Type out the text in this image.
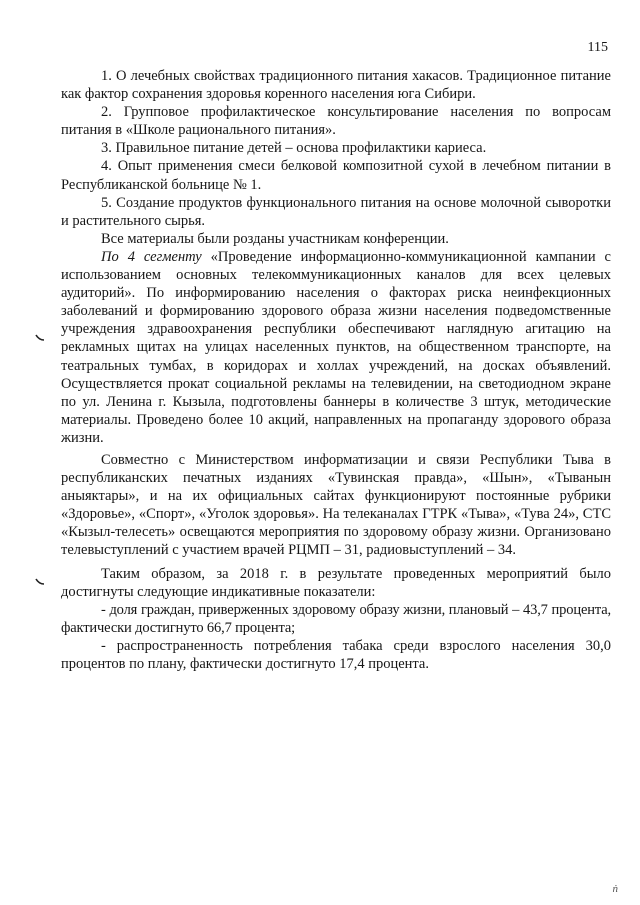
115

1. О лечебных свойствах традиционного питания хакасов. Традиционное питание как фактор сохранения здоровья коренного населения юга Сибири.

2. Групповое профилактическое консультирование населения по вопросам питания в «Школе рационального питания».

3. Правильное питание детей – основа профилактики кариеса.

4. Опыт применения смеси белковой композитной сухой в лечебном питании в Республиканской больнице № 1.

5. Создание продуктов функционального питания на основе молочной сыворотки и растительного сырья.

Все материалы были розданы участникам конференции.

По 4 сегменту «Проведение информационно-коммуникационной кампании с использованием основных телекоммуникационных каналов для всех целевых аудиторий». По информированию населения о факторах риска неинфекционных заболеваний и формированию здорового образа жизни населения подведомственные учреждения здравоохранения республики обеспечивают наглядную агитацию на рекламных щитах на улицах населенных пунктов, на общественном транспорте, на театральных тумбах, в коридорах и холлах учреждений, на досках объявлений. Осуществляется прокат социальной рекламы на телевидении, на светодиодном экране по ул. Ленина г. Кызыла, подготовлены баннеры в количестве 3 штук, методические материалы. Проведено более 10 акций, направленных на пропаганду здорового образа жизни.

Совместно с Министерством информатизации и связи Республики Тыва в республиканских печатных изданиях «Тувинская правда», «Шын», «Тыванын аныяктары», и на их официальных сайтах функционируют постоянные рубрики «Здоровье», «Спорт», «Уголок здоровья». На телеканалах ГТРК «Тыва», «Тува 24», СТС «Кызыл-телесеть» освещаются мероприятия по здоровому образу жизни. Организовано телевыступлений с участием врачей РЦМП – 31, радиовыступлений – 34.

Таким образом, за 2018 г. в результате проведенных мероприятий было достигнуты следующие индикативные показатели:

- доля граждан, приверженных здоровому образу жизни, плановый – 43,7 процента, фактически достигнуто 66,7 процента;

- распространенность потребления табака среди взрослого населения 30,0 процентов по плану, фактически достигнуто 17,4 процента.

ṅ
